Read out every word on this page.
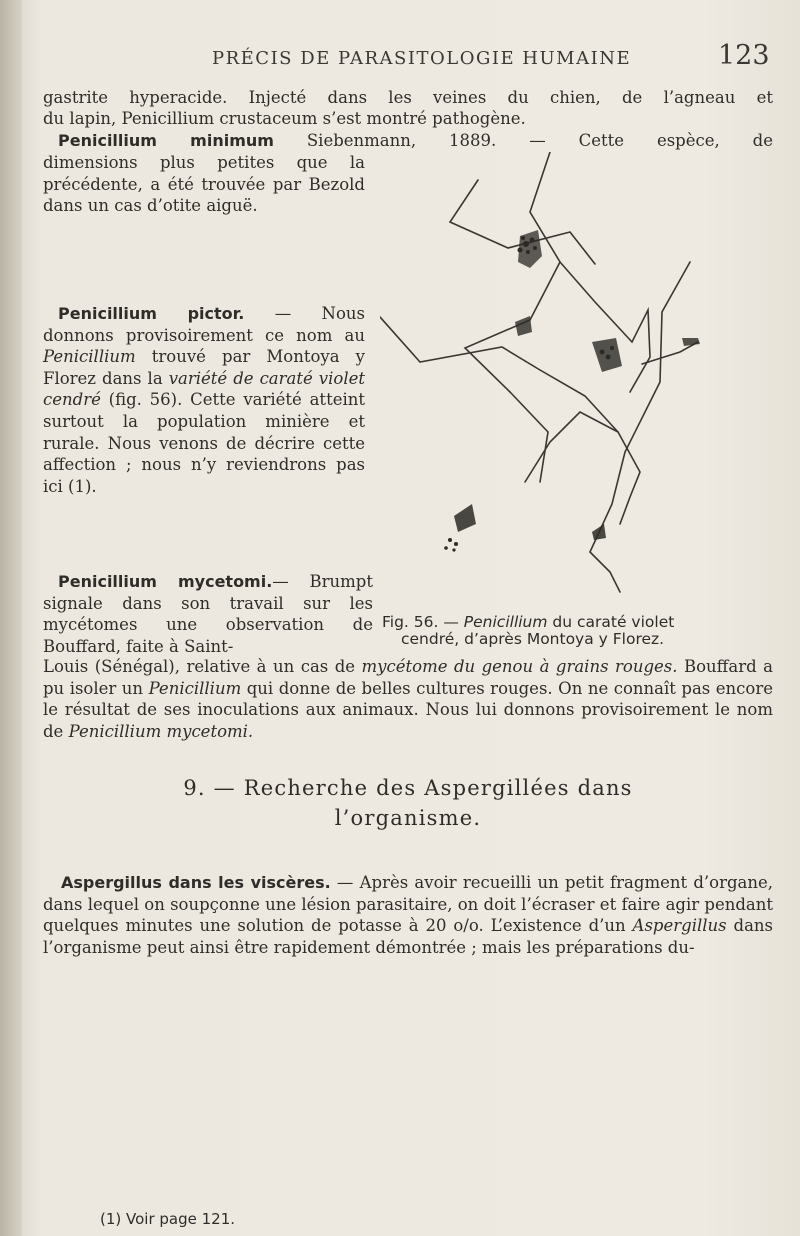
PRÉCIS DE PARASITOLOGIE HUMAINE	123

gastrite hyperacide. Injecté dans les veines du chien, de l’agneau et

du lapin, Penicillium crustaceum s’est montré pathogène.

Penicillium minimum Siebenmann, 1889. — Cette espèce, de

dimensions plus petites que la précédente, a été trouvée par Bezold dans un cas d’otite aiguë.

Penicillium pictor. — Nous donnons provisoirement ce nom au Penicillium trouvé par Montoya y Florez dans la variété de caraté violet cendré (fig. 56). Cette variété atteint surtout la population minière et rurale. Nous venons de décrire cette affection ; nous n’y reviendrons pas ici (1).

Penicillium mycetomi.— Brumpt signale dans son travail sur les mycétomes une observation de Bouffard, faite à Saint-

Louis (Sénégal), relative à un cas de mycétome du genou à grains rouges. Bouffard a pu isoler un Penicillium qui donne de belles cultures rouges. On ne connaît pas encore le résultat de ses inoculations aux animaux. Nous lui donnons provisoirement le nom de Penicillium mycetomi.

Fig. 56. — Penicillium du caraté violet
cendré, d’après Montoya y Florez.
9. — Recherche des Aspergillées dans
l’organisme.

Aspergillus dans les viscères. — Après avoir recueilli un petit fragment d’organe, dans lequel on soupçonne une lésion parasitaire, on doit l’écraser et faire agir pendant quelques minutes une solution de potasse à 20 o/o. L’existence d’un Aspergillus dans l’organisme peut ainsi être rapidement démontrée ; mais les préparations du-

(1) Voir page 121.
